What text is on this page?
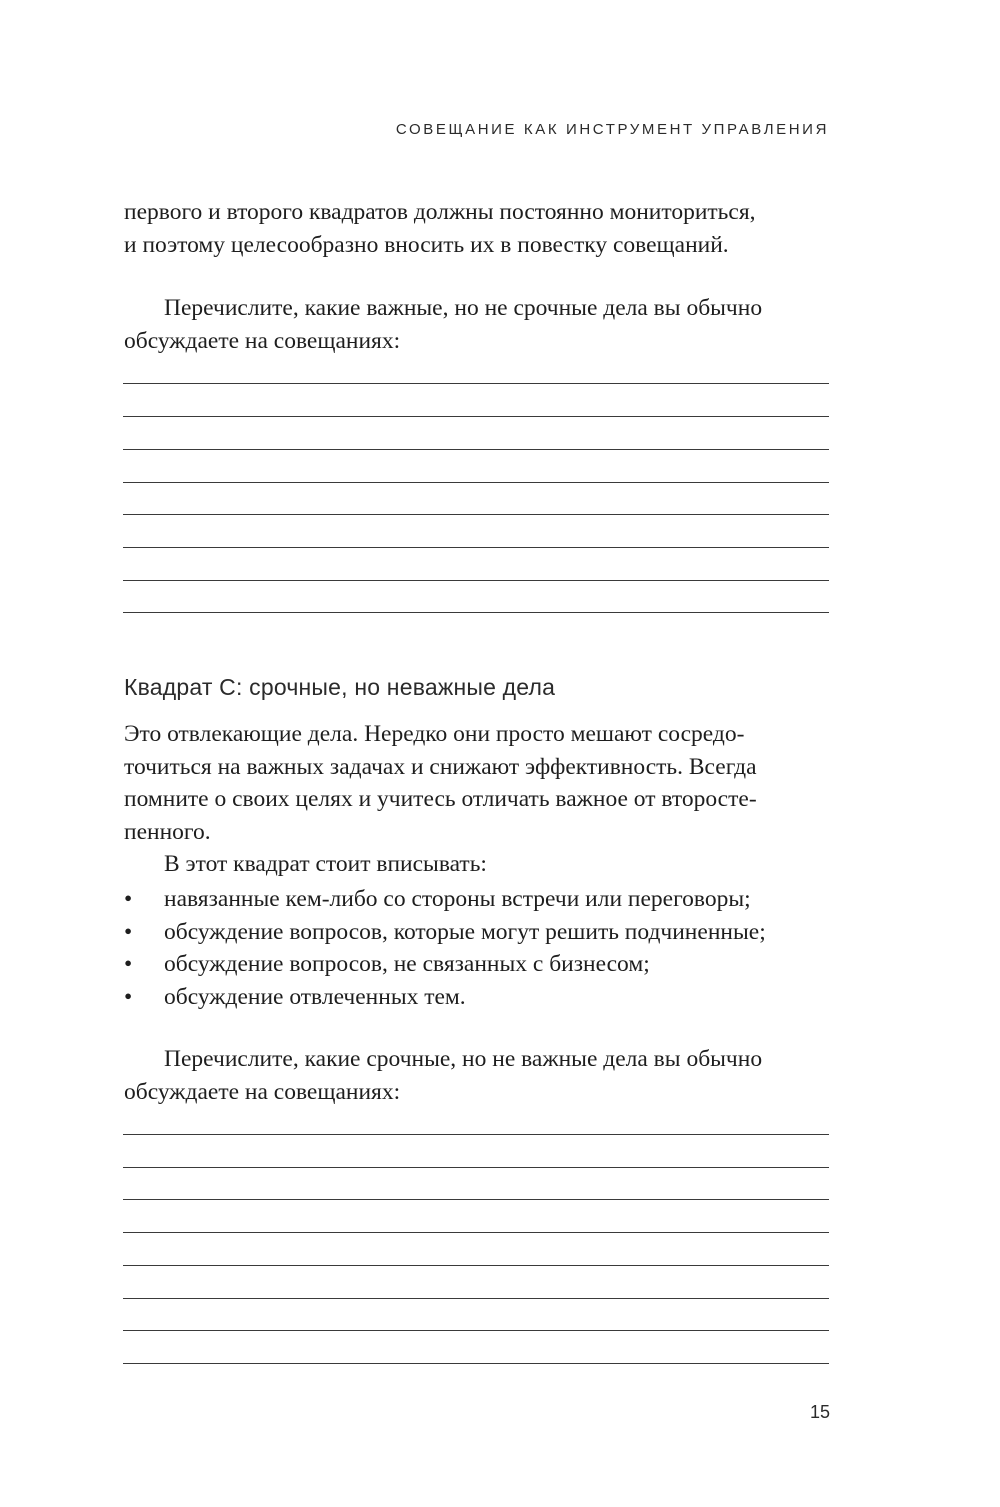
СОВЕЩАНИЕ КАК ИНСТРУМЕНТ УПРАВЛЕНИЯ

первого и второго квадратов должны постоянно мониториться,
и поэтому целесообразно вносить их в повестку совещаний.

Перечислите, какие важные, но не срочные дела вы обычно
обсуждаете на совещаниях:

Квадрат C: срочные, но неважные дела

Это отвлекающие дела. Нередко они просто мешают сосредо-
точиться на важных задачах и снижают эффективность. Всегда
помните о своих целях и учитесь отличать важное от второсте-
пенного.

В этот квадрат стоит вписывать:

• навязанные кем-либо со стороны встречи или переговоры;
• обсуждение вопросов, которые могут решить подчиненные;
• обсуждение вопросов, не связанных с бизнесом;
• обсуждение отвлеченных тем.

Перечислите, какие срочные, но не важные дела вы обычно
обсуждаете на совещаниях:

15
